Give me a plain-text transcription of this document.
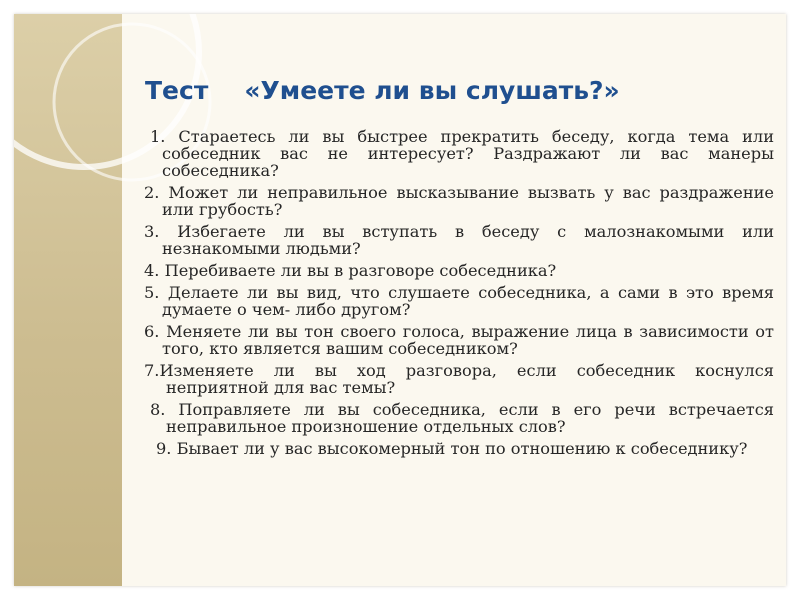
Тест «Умеете ли вы слушать?»
1. Стараетесь ли вы быстрее прекратить беседу, когда тема или собеседник вас не интересует? Раздражают ли вас манеры собеседника?
2. Может ли неправильное высказывание вызвать у вас раздражение или грубость?
3. Избегаете ли вы вступать в беседу с малознакомыми или незнакомыми людьми?
4. Перебиваете ли вы в разговоре собеседника?
5. Делаете ли вы вид, что слушаете собеседника, а сами в это время думаете о чем- либо другом?
6. Меняете ли вы тон своего голоса, выражение лица в зависимости от того, кто является вашим собеседником?
7.Изменяете ли вы ход разговора, если собеседник коснулся неприятной для вас темы?
8. Поправляете ли вы собеседника, если в его речи встречается неправильное произношение отдельных слов?
9. Бывает ли у вас высокомерный тон по отношению к собеседнику?
